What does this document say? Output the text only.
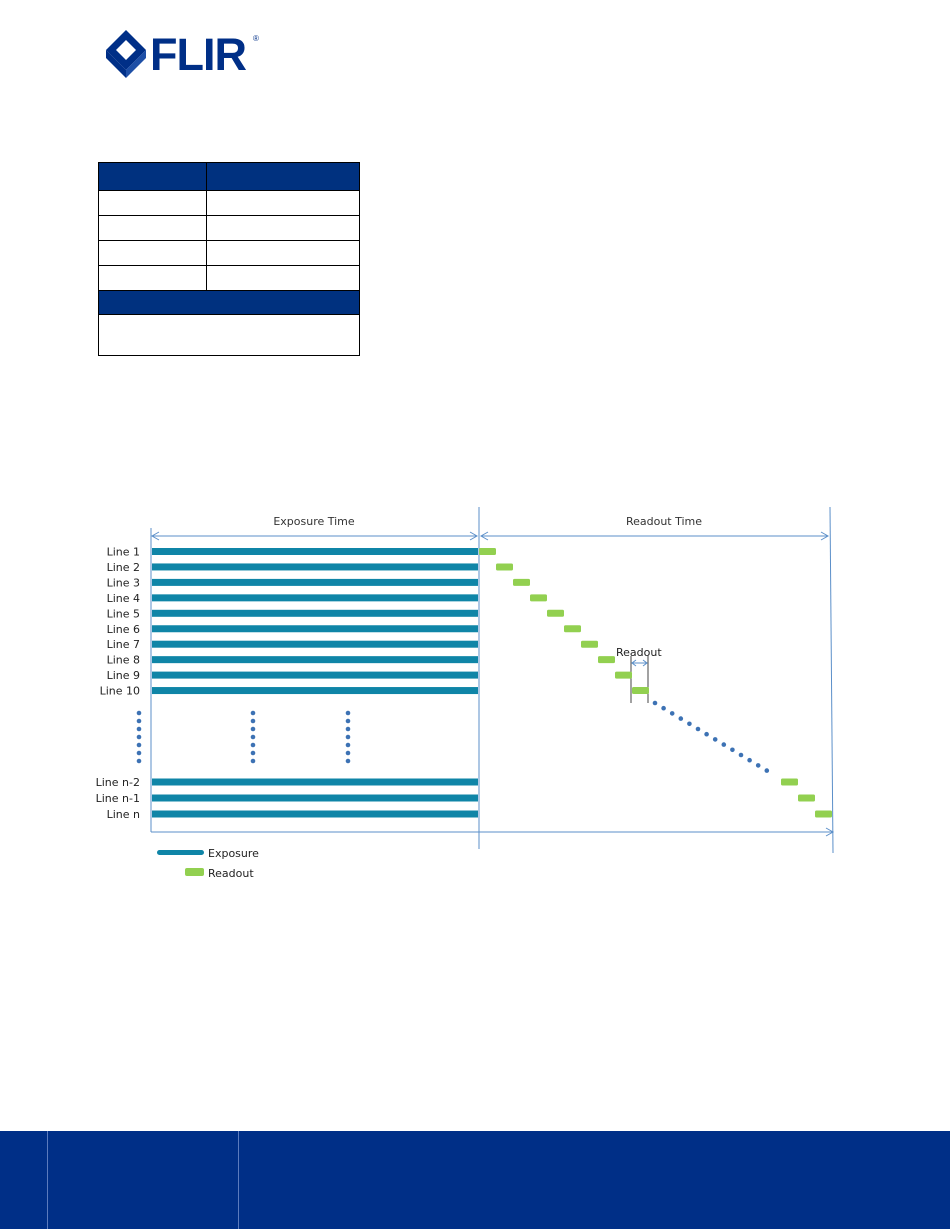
FLIR ®

Exposure Time	Readout Time
Readout
Line 1
Line 2
Line 3
Line 4
Line 5
Line 6
Line 7
Line 8
Line 9
Line 10
Line n-2
Line n-1
Line n
Exposure
Readout
